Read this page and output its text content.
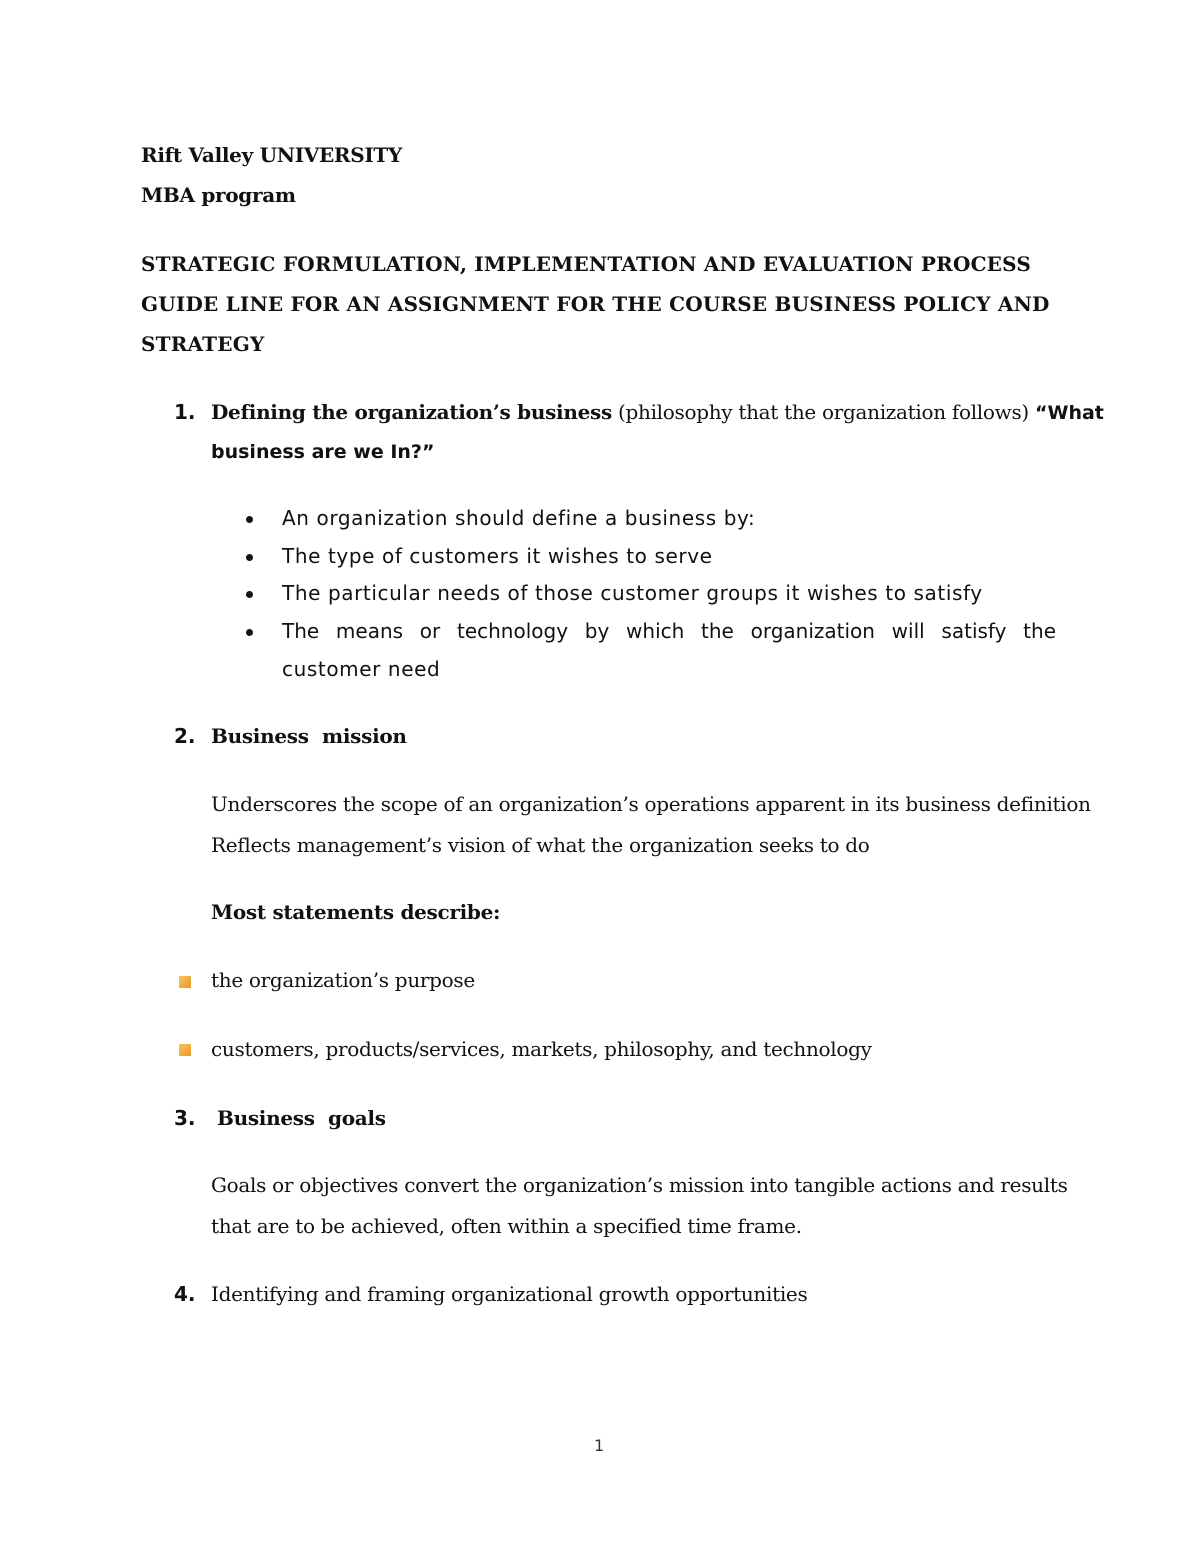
Rift Valley UNIVERSITY
MBA program
STRATEGIC FORMULATION, IMPLEMENTATION AND EVALUATION PROCESS
GUIDE LINE FOR AN ASSIGNMENT FOR THE COURSE BUSINESS POLICY AND
STRATEGY
1. Defining the organization’s business (philosophy that the organization follows) “What
business are we In?”
An organization should define a business by:
The type of customers it wishes to serve
The particular needs of those customer groups it wishes to satisfy
The means or technology by which the organization will satisfy the
customer need
2. Business  mission
Underscores the scope of an organization’s operations apparent in its business definition
Reflects management’s vision of what the organization seeks to do
Most statements describe:
the organization’s purpose
customers, products/services, markets, philosophy, and technology
3. Business  goals
Goals or objectives convert the organization’s mission into tangible actions and results
that are to be achieved, often within a specified time frame.
4. Identifying and framing organizational growth opportunities
1
